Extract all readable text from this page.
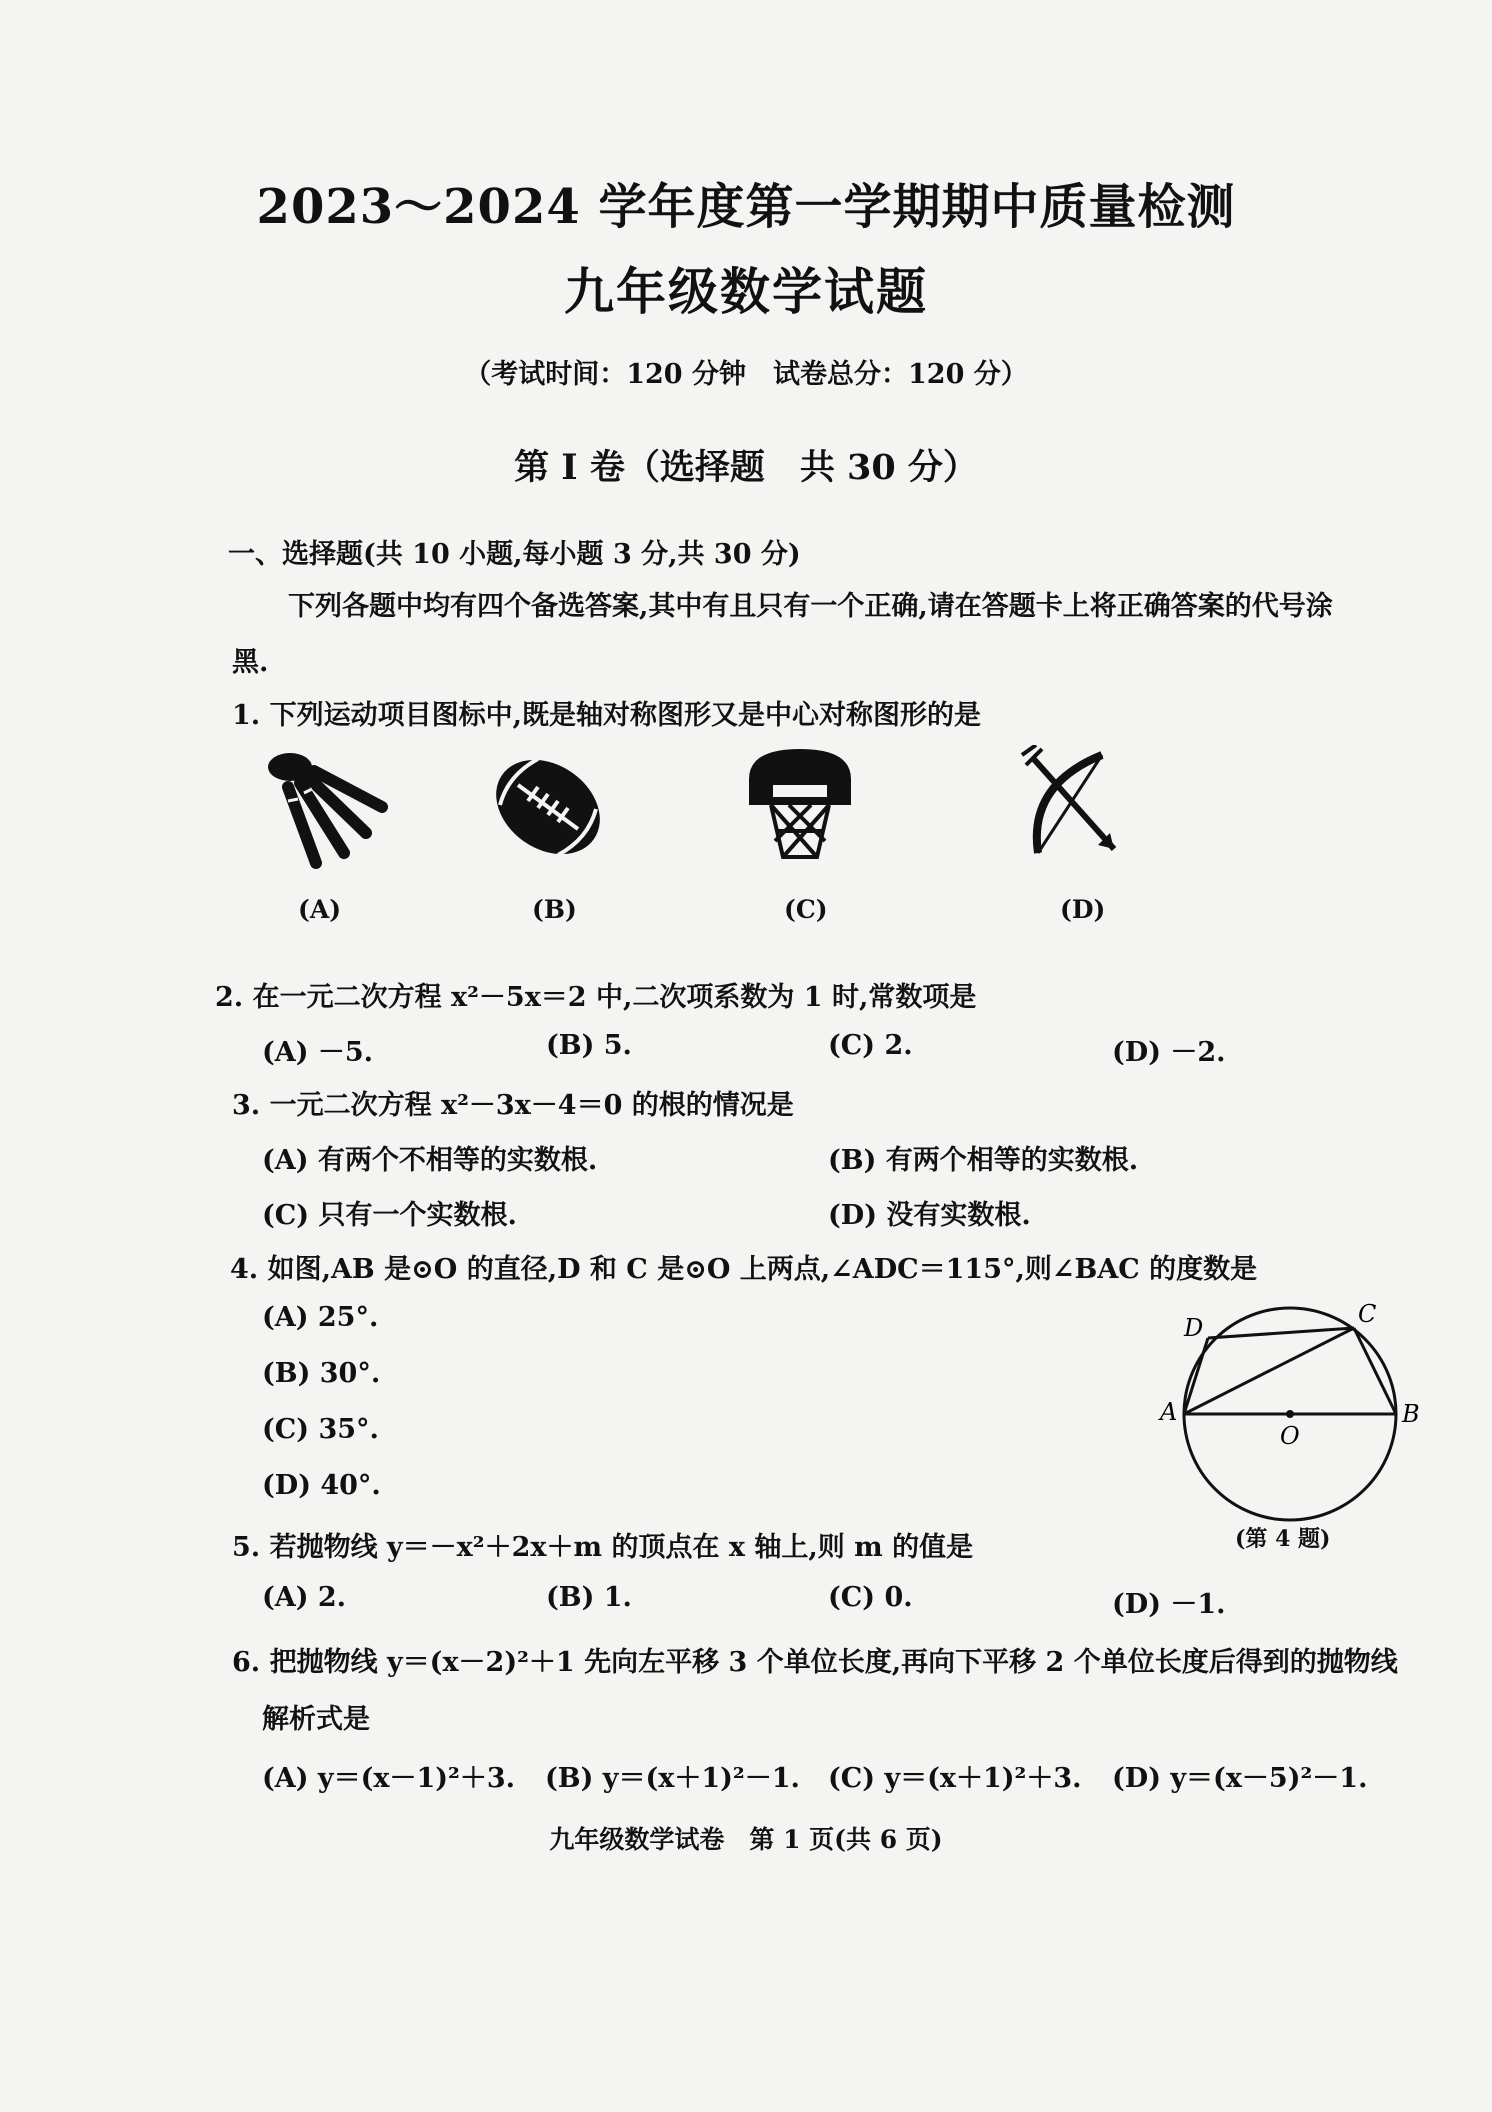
2023～2024 学年度第一学期期中质量检测
九年级数学试题
（考试时间：120 分钟　试卷总分：120 分）
第 Ⅰ 卷（选择题　共 30 分）
一、选择题(共 10 小题,每小题 3 分,共 30 分)
下列各题中均有四个备选答案,其中有且只有一个正确,请在答题卡上将正确答案的代号涂
黑.
1. 下列运动项目图标中,既是轴对称图形又是中心对称图形的是
(A)	(B)	(C)	(D)
2. 在一元二次方程 x²－5x＝2 中,二次项系数为 1 时,常数项是
(A) －5.	(B) 5.	(C) 2.	(D) －2.
3. 一元二次方程 x²－3x－4＝0 的根的情况是
(A) 有两个不相等的实数根.	(B) 有两个相等的实数根.
(C) 只有一个实数根.	(D) 没有实数根.
4. 如图,AB 是⊙O 的直径,D 和 C 是⊙O 上两点,∠ADC＝115°,则∠BAC 的度数是
(A) 25°.
(B) 30°.
(C) 35°.
(D) 40°.
A	B
C
D
O
(第 4 题)
5. 若抛物线 y＝－x²＋2x＋m 的顶点在 x 轴上,则 m 的值是
(A) 2.	(B) 1.	(C) 0.	(D) －1.
6. 把抛物线 y＝(x－2)²＋1 先向左平移 3 个单位长度,再向下平移 2 个单位长度后得到的抛物线
解析式是
(A) y＝(x－1)²＋3. (B) y＝(x＋1)²－1. (C) y＝(x＋1)²＋3. (D) y＝(x－5)²－1.
九年级数学试卷　第 1 页(共 6 页)
